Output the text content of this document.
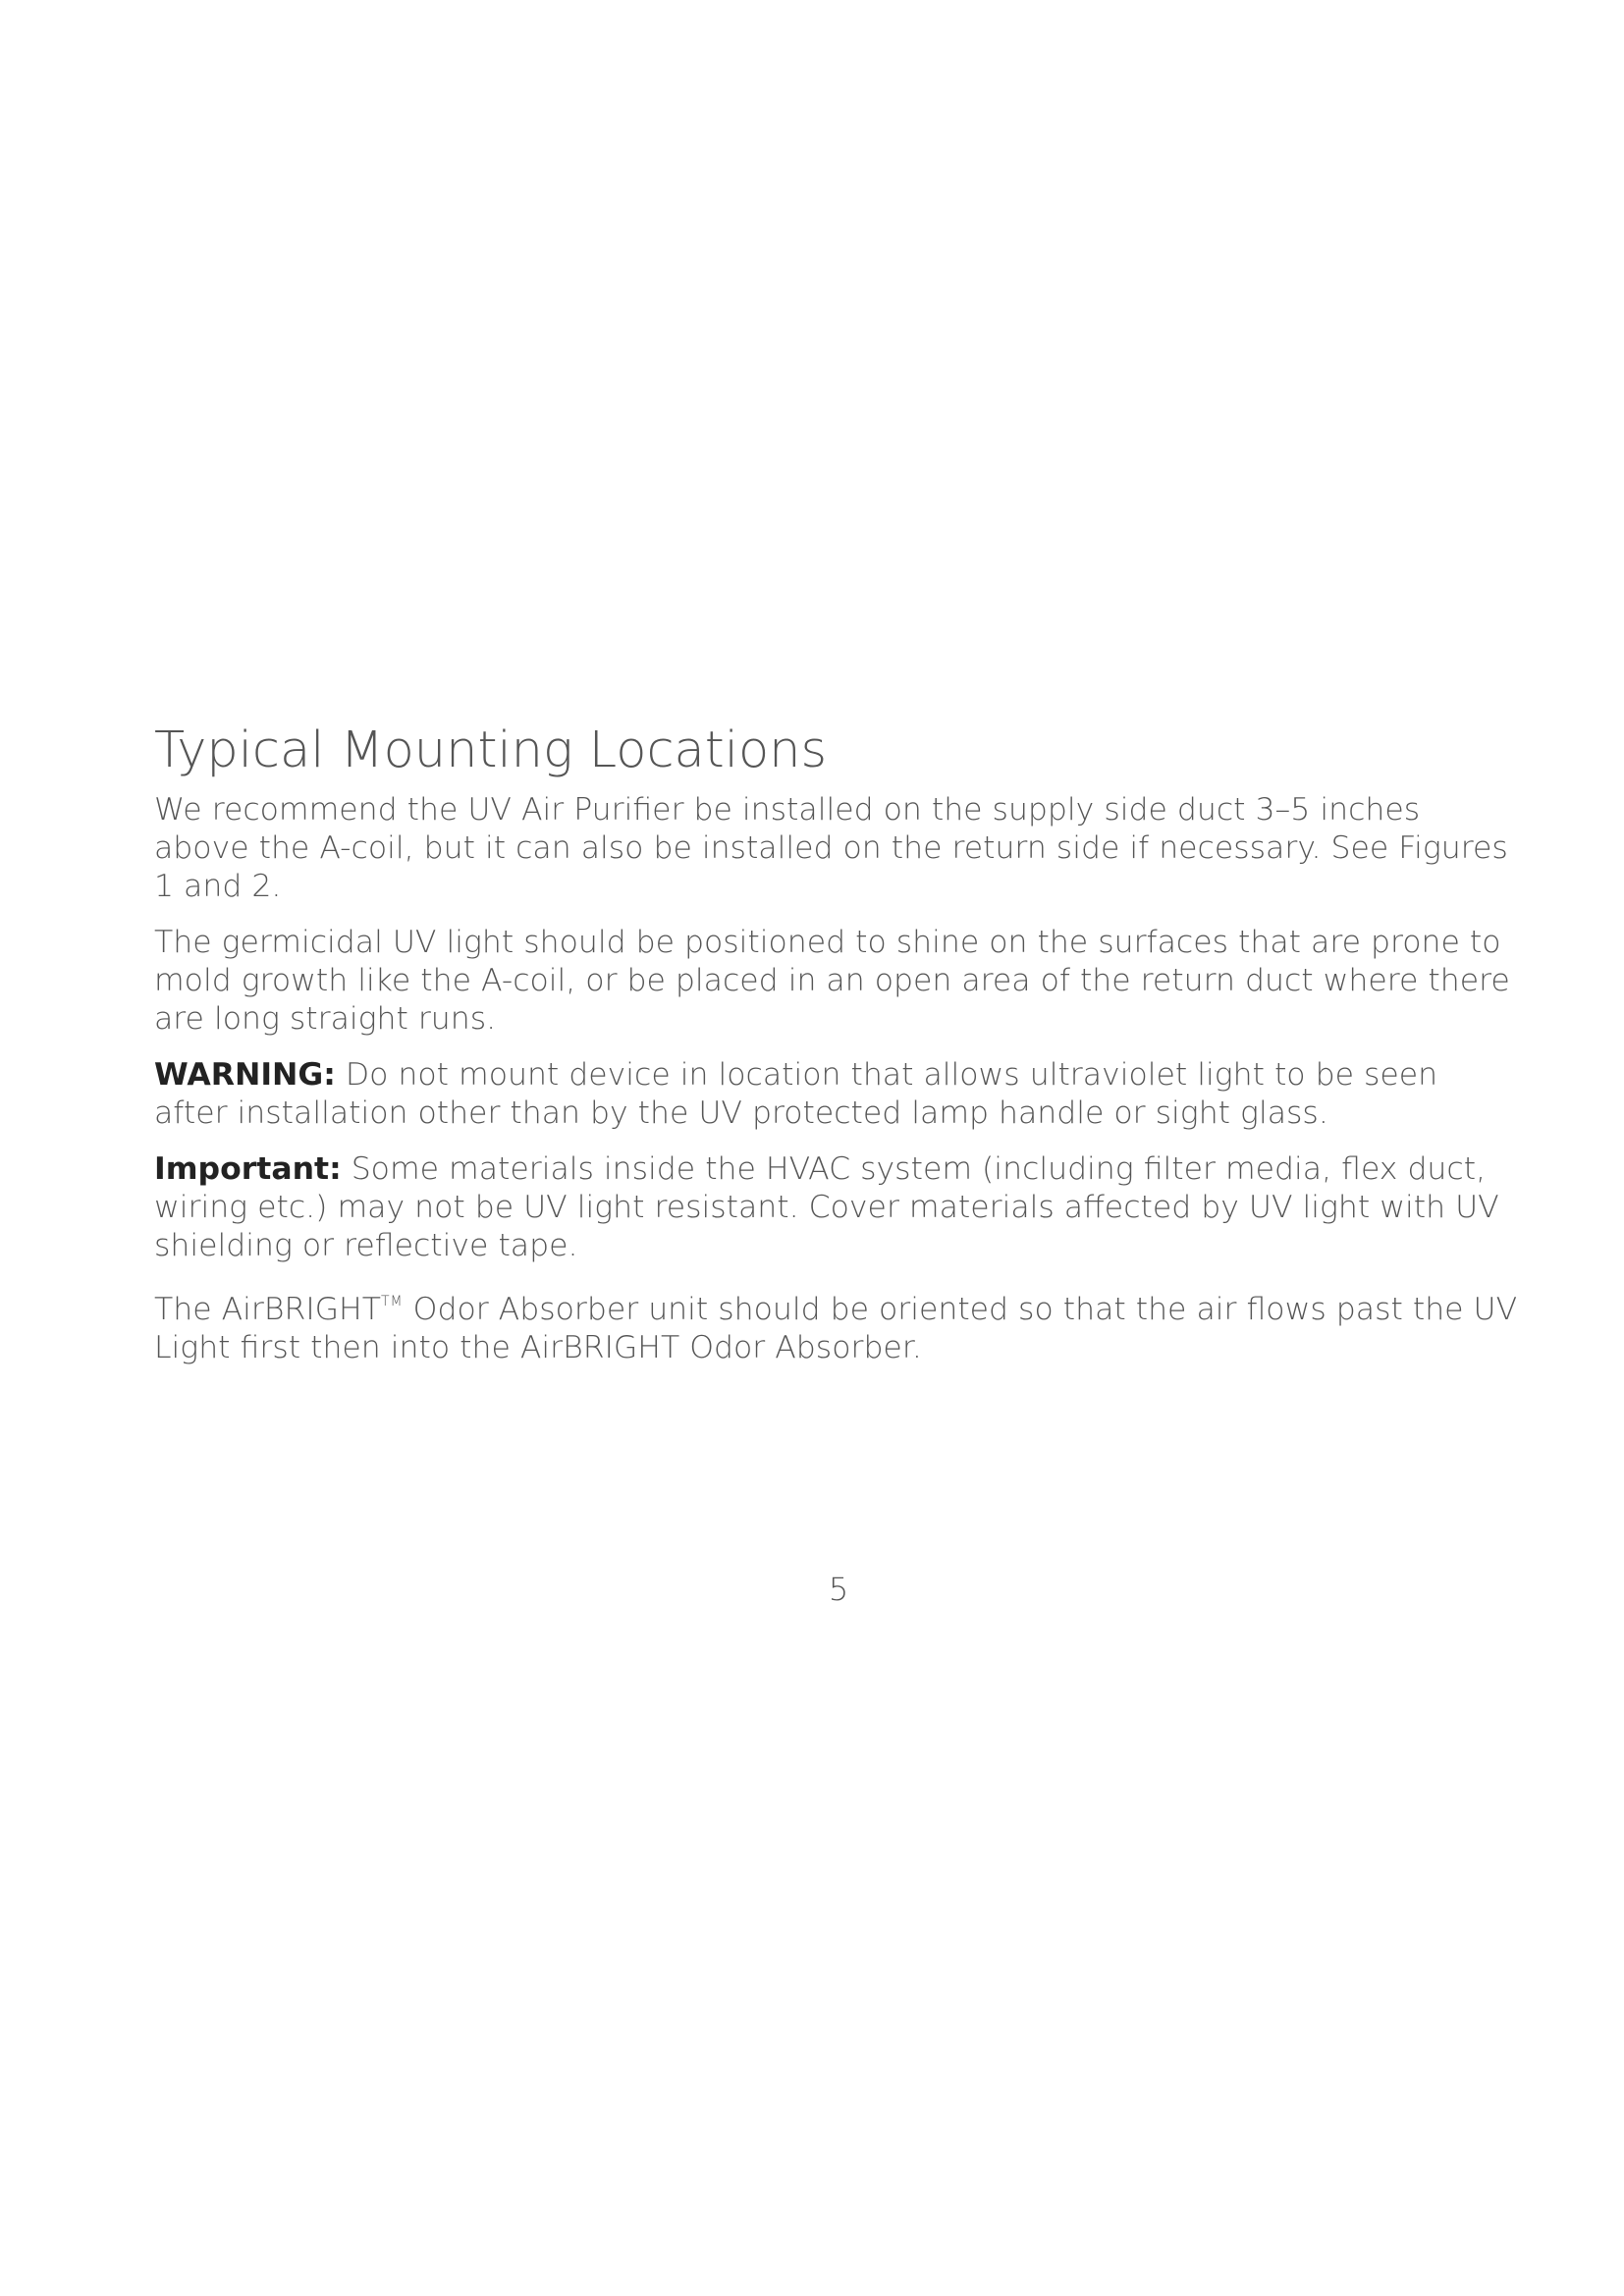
Typical Mounting Locations

We recommend the UV Air Purifier be installed on the supply side duct 3–5 inches above the A-coil, but it can also be installed on the return side if necessary. See Figures 1 and 2.

The germicidal UV light should be positioned to shine on the surfaces that are prone to mold growth like the A-coil, or be placed in an open area of the return duct where there are long straight runs.

WARNING: Do not mount device in location that allows ultraviolet light to be seen after installation other than by the UV protected lamp handle or sight glass.

Important: Some materials inside the HVAC system (including filter media, flex duct, wiring etc.) may not be UV light resistant. Cover materials affected by UV light with UV shielding or reflective tape.

The AirBRIGHT™ Odor Absorber unit should be oriented so that the air flows past the UV Light first then into the AirBRIGHT Odor Absorber.

5
